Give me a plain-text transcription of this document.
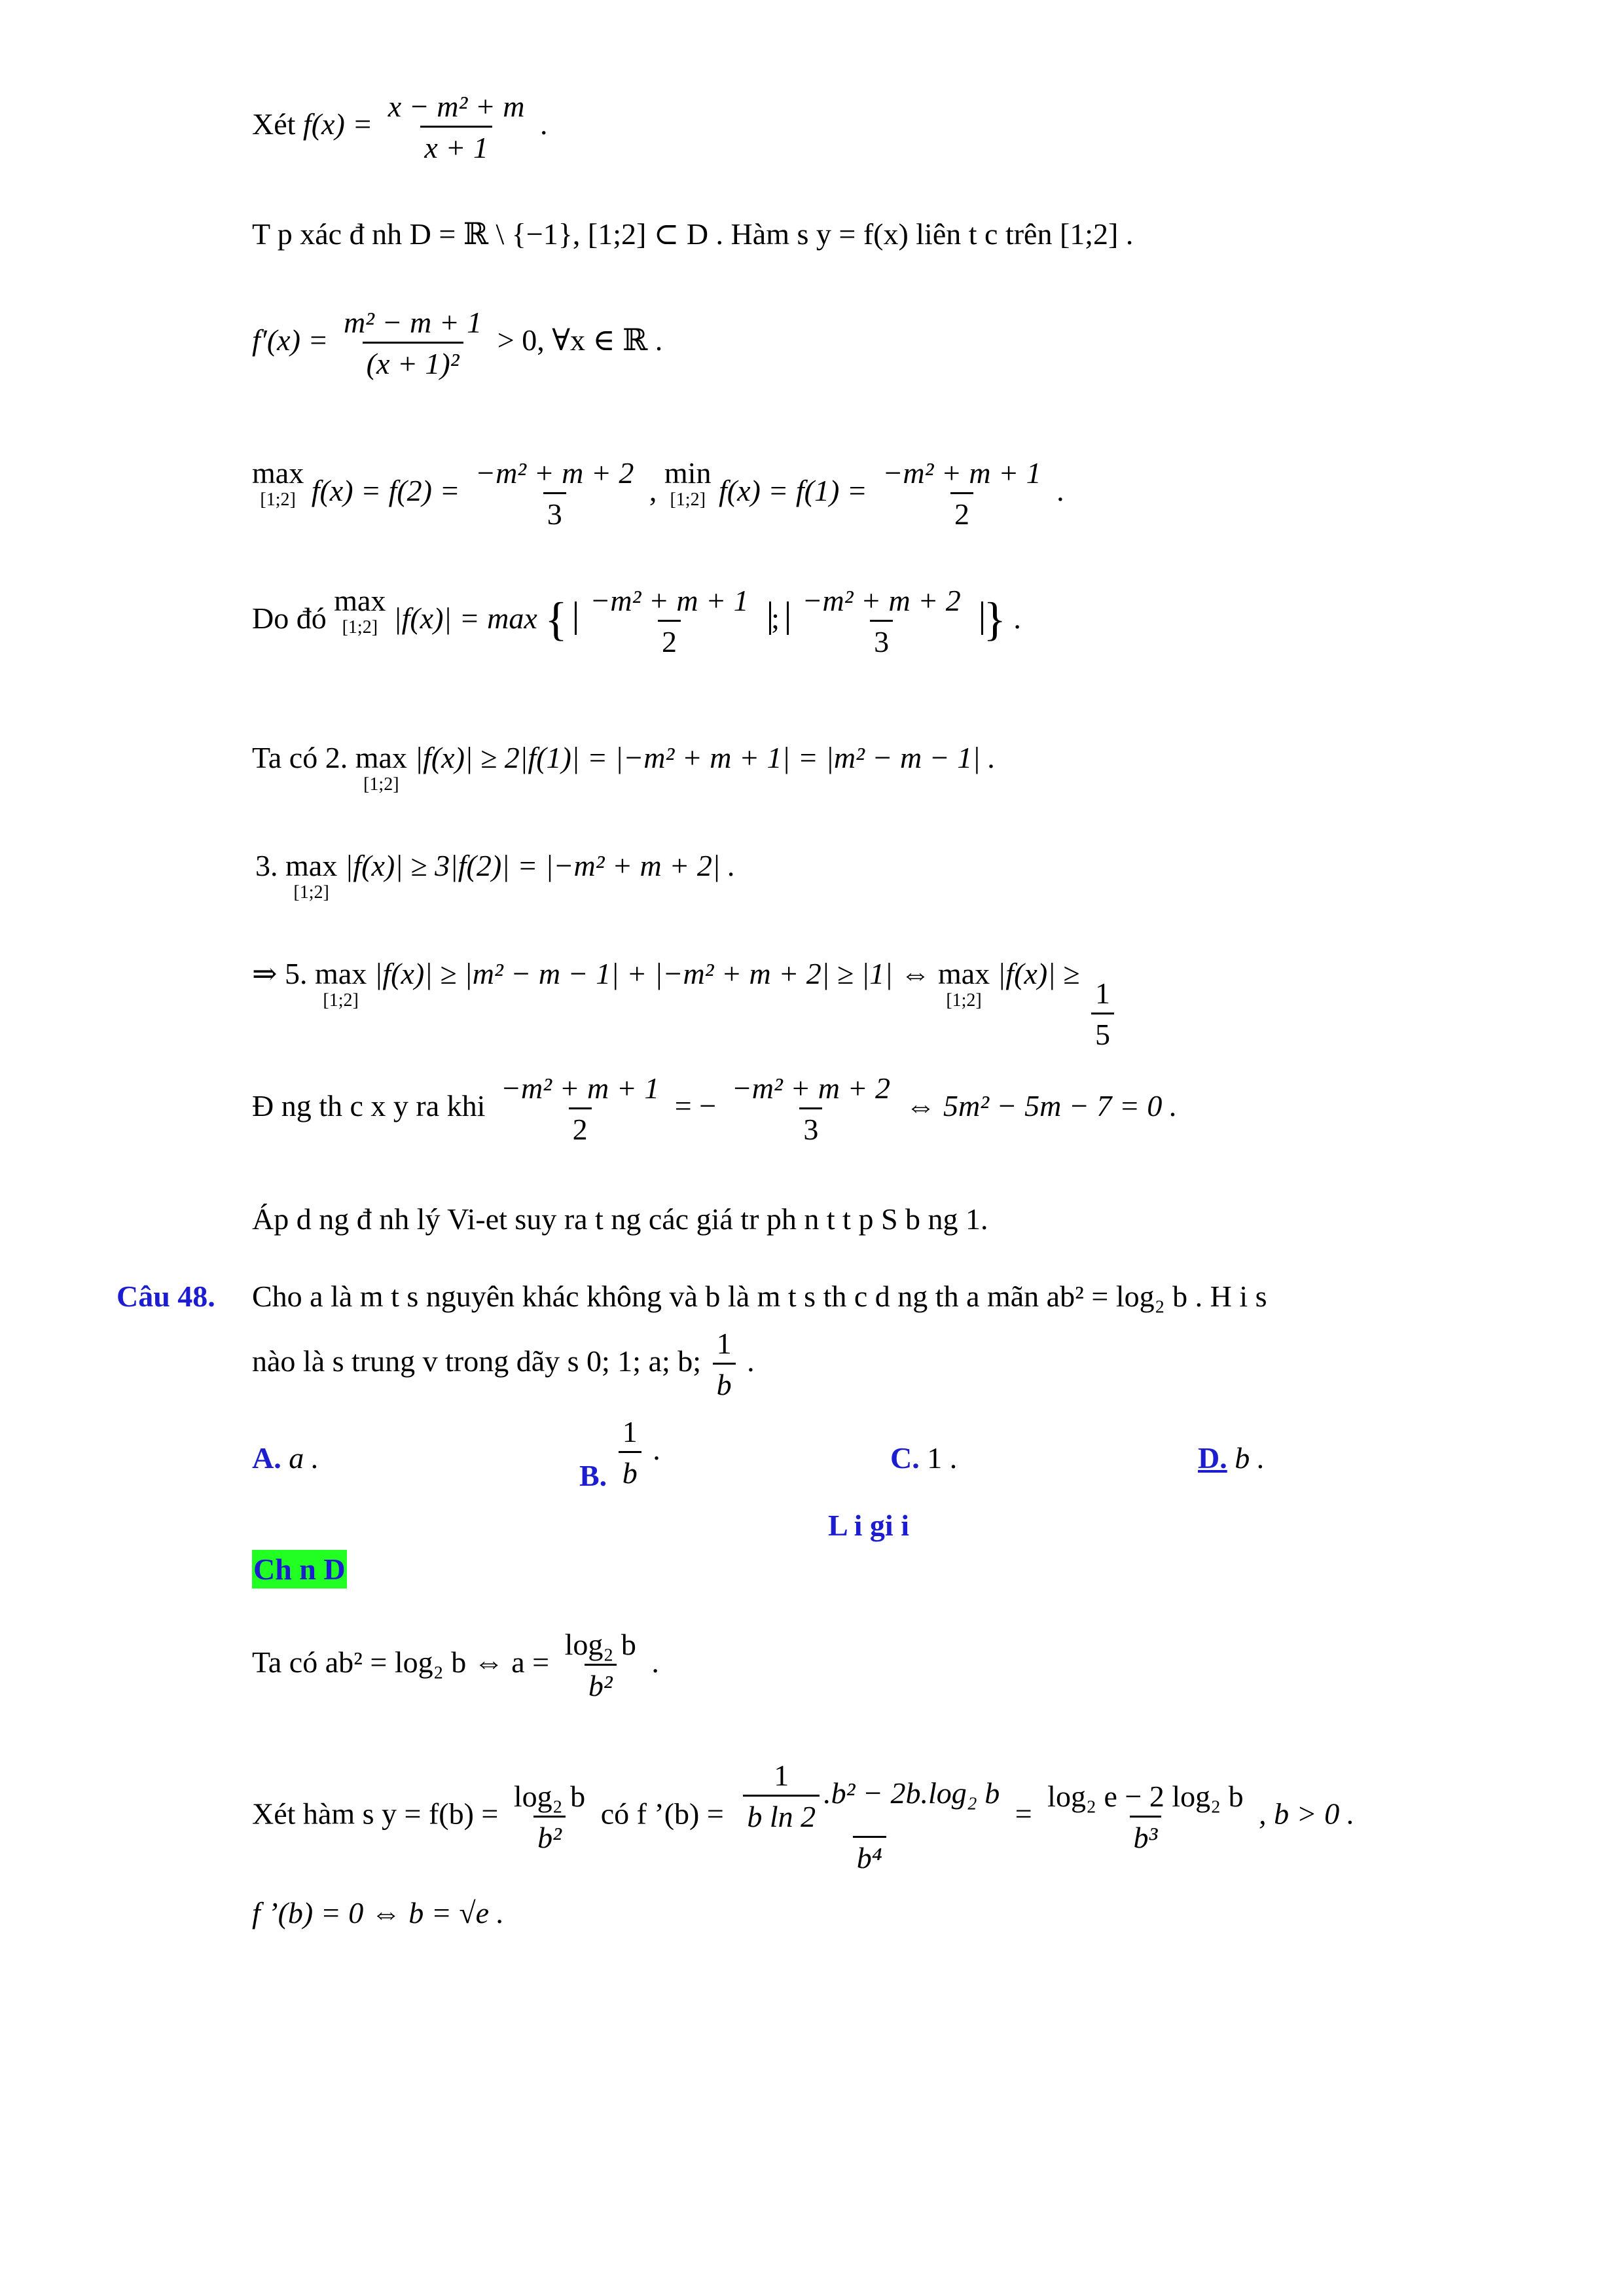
Xét $f(x) = \frac{\text{x − m² + m}}{x + 1}$ .
T p xác đ nh D = ℝ \ {−1}, [1;2] ⊂ D . Hàm s y = f(x) liên t c trên [1;2] .
$f'(x) = \frac{\text{m² − m + 1}}{\text{(x + 1)²}} > 0$, ∀x ∈ ℝ .
max
[1;2] $f(x) = f(2) = \frac{\text{−m² + m + 2}}{3}$ ,
min
[1;2] $f(x) = f(1) = \frac{\text{−m² + m + 1}}{2}$ .
Do đó
max
[1;2] |f(x)| = max { $\frac{\text{−m² + m + 1}}{2}$ ; $\frac{\text{−m² + m + 2}}{3}$ } .
Ta có 2. max
[1;2]
|f(x)| ≥ 2|f(1)| = |−m² + m + 1| = |m² − m − 1| .
3. max
[1;2]
|f(x)| ≥ 3|f(2)| = |−m² + m + 2| .
⇒ 5. max
[1;2]
|f(x)| ≥ |m² − m − 1| + |−m² + m + 2| ≥ |1| ⇔ max
[1;2]
|f(x)| ≥
$\frac{1}{5}$
Đ ng th c x y ra khi $\frac{\text{−m² + m + 1}}{2}$ = − $\frac{\text{−m² + m + 2}}{3}$ ⇔ 5m² − 5m − 7 = 0 .
Áp d ng đ nh lý Vi-et suy ra t ng các giá tr ph n t t p S b ng 1.
Câu 48. Cho a là m t s nguyên khác không và b là m t s th c d ng th a mãn ab² = log₂ b . H i s
nào là s trung v trong dãy s 0; 1; a; b; $\frac{1}{b}$ .
A. a .
B. $\frac{1}{b}$ .	C. 1 .	D. b .
L i gi i
Ch n D
Ta có ab² = log₂ b ⇔ $a = \frac{\text{log₂ b}}{\text{b²}}$ .
Xét hàm s $y = f(b) = \frac{\text{log₂ b}}{\text{b²}}$ có f ’(b) = $\frac{\frac{1}{\text{b ln 2}} .b^2 - 2b.\log_2 b}{\text{b⁴}} = \frac{\text{log₂ e − 2 log₂ b}}{\text{b³}}$ , b > 0 .
f ’(b) = 0 ⇔ b = √e .
